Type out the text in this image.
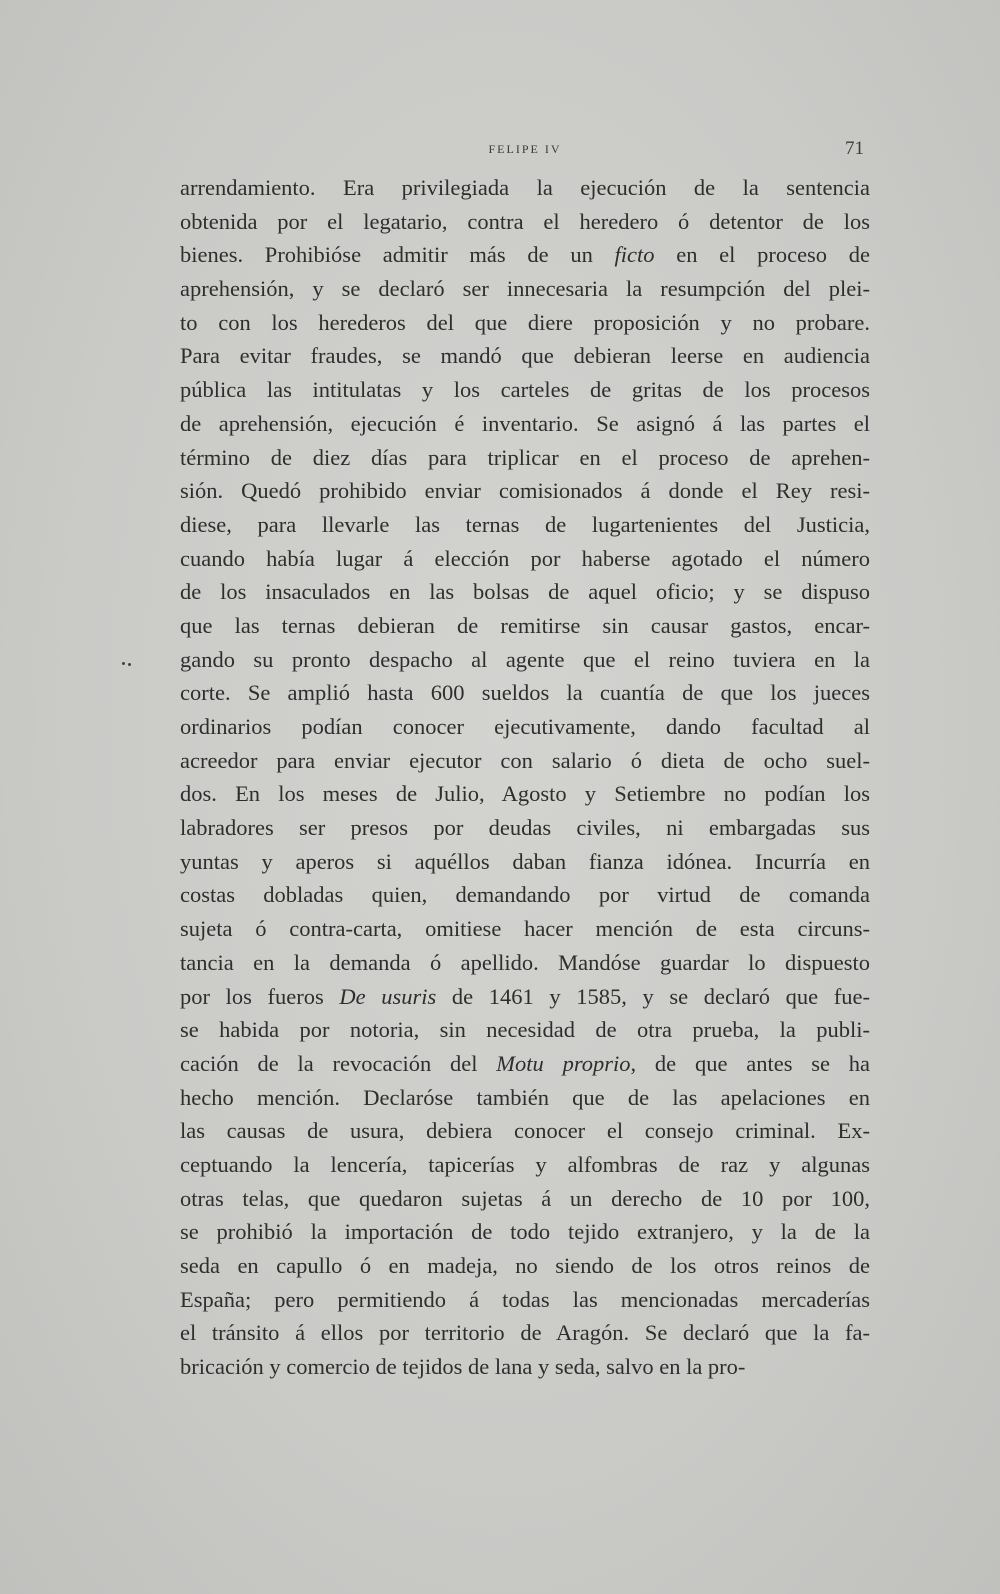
FELIPE IV	71
arrendamiento. Era privilegiada la ejecución de la sentencia
obtenida por el legatario, contra el heredero ó detentor de los
bienes. Prohibióse admitir más de un ficto en el proceso de
aprehensión, y se declaró ser innecesaria la resumpción del plei-
to con los herederos del que diere proposición y no probare.
Para evitar fraudes, se mandó que debieran leerse en audiencia
pública las intitulatas y los carteles de gritas de los procesos
de aprehensión, ejecución é inventario. Se asignó á las partes el
término de diez días para triplicar en el proceso de aprehen-
sión. Quedó prohibido enviar comisionados á donde el Rey resi-
diese, para llevarle las ternas de lugartenientes del Justicia,
cuando había lugar á elección por haberse agotado el número
de los insaculados en las bolsas de aquel oficio; y se dispuso
que las ternas debieran de remitirse sin causar gastos, encar-
gando su pronto despacho al agente que el reino tuviera en la
corte. Se amplió hasta 600 sueldos la cuantía de que los jueces
ordinarios podían conocer ejecutivamente, dando facultad al
acreedor para enviar ejecutor con salario ó dieta de ocho suel-
dos. En los meses de Julio, Agosto y Setiembre no podían los
labradores ser presos por deudas civiles, ni embargadas sus
yuntas y aperos si aquéllos daban fianza idónea. Incurría en
costas dobladas quien, demandando por virtud de comanda
sujeta ó contra-carta, omitiese hacer mención de esta circuns-
tancia en la demanda ó apellido. Mandóse guardar lo dispuesto
por los fueros De usuris de 1461 y 1585, y se declaró que fue-
se habida por notoria, sin necesidad de otra prueba, la publi-
cación de la revocación del Motu proprio, de que antes se ha
hecho mención. Declaróse también que de las apelaciones en
las causas de usura, debiera conocer el consejo criminal. Ex-
ceptuando la lencería, tapicerías y alfombras de raz y algunas
otras telas, que quedaron sujetas á un derecho de 10 por 100,
se prohibió la importación de todo tejido extranjero, y la de la
seda en capullo ó en madeja, no siendo de los otros reinos de
España; pero permitiendo á todas las mencionadas mercaderías
el tránsito á ellos por territorio de Aragón. Se declaró que la fa-
bricación y comercio de tejidos de lana y seda, salvo en la pro-
